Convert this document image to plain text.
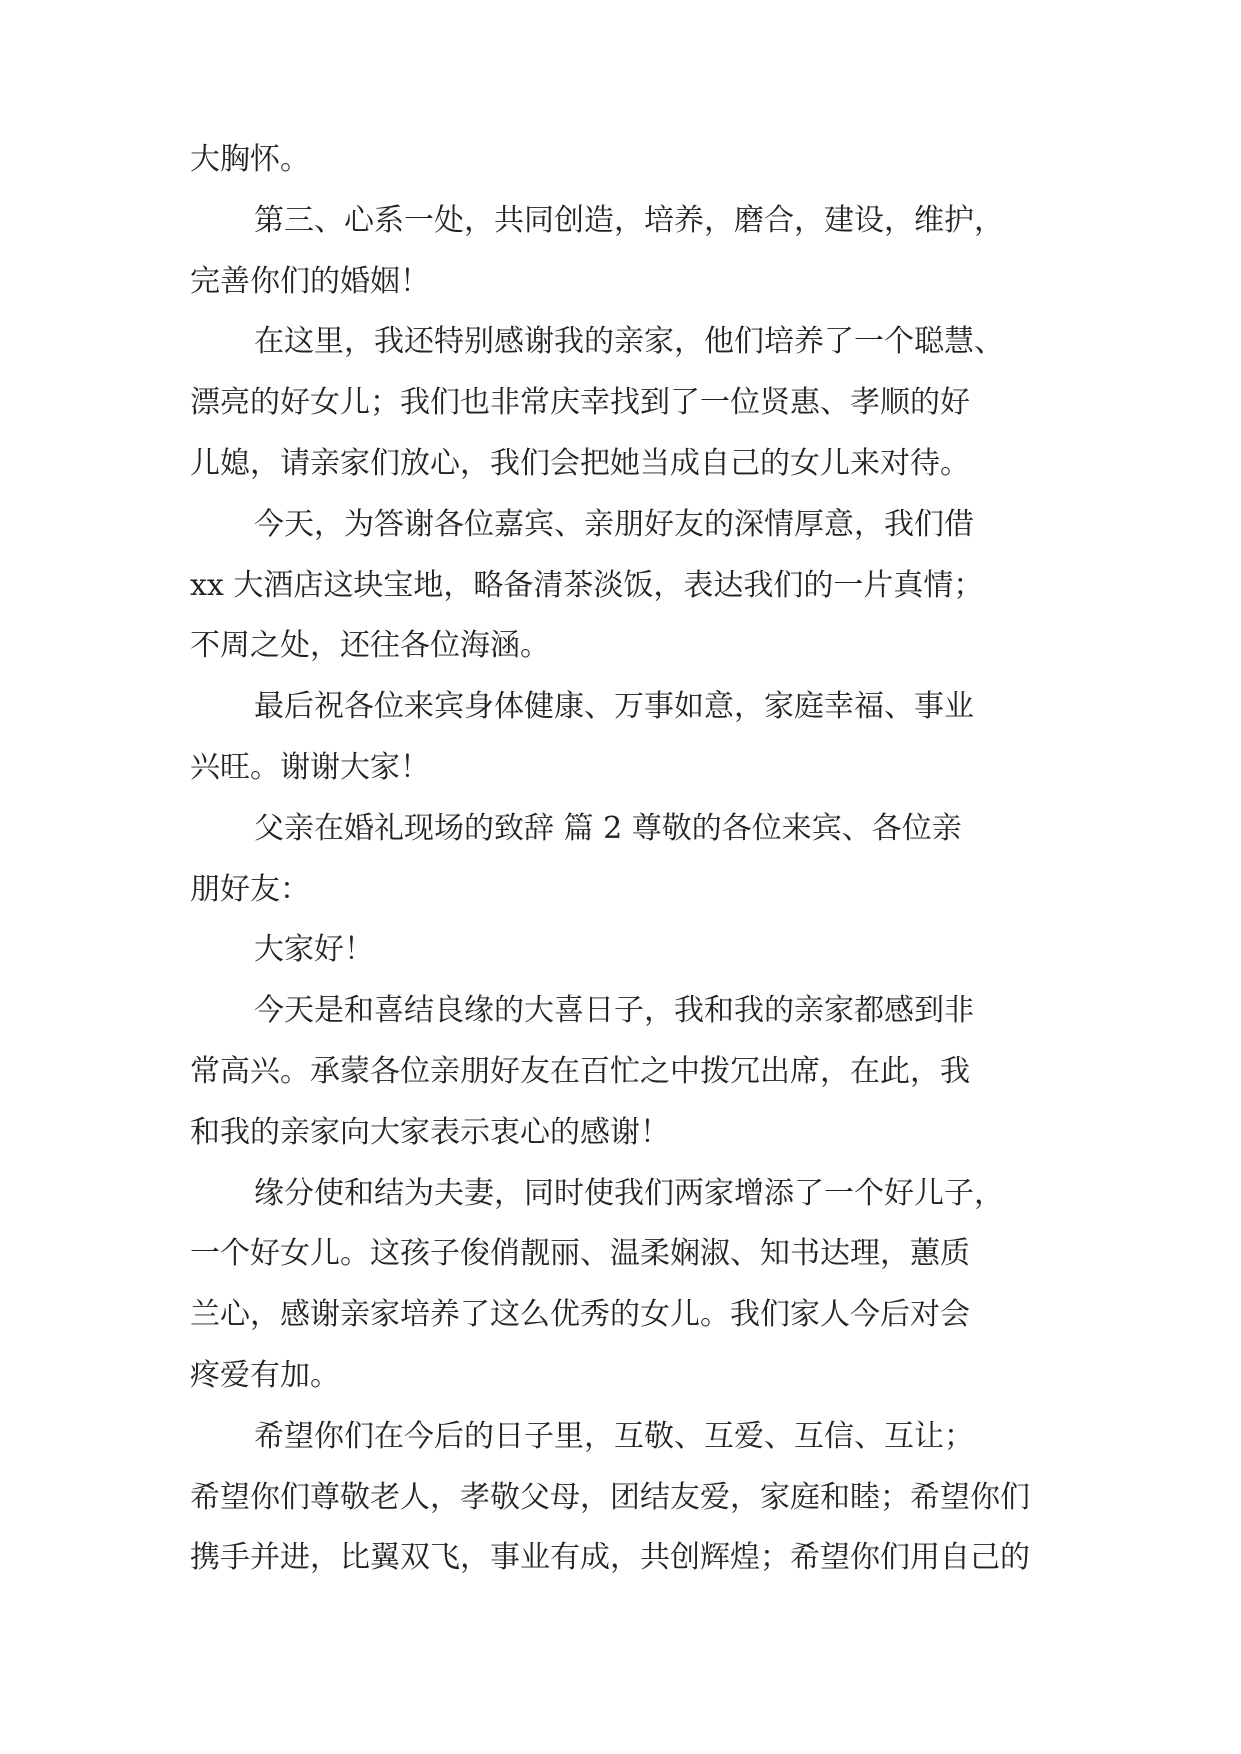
大胸怀。
第三、心系一处，共同创造，培养，磨合，建设，维护，
完善你们的婚姻！
在这里，我还特别感谢我的亲家，他们培养了一个聪慧、
漂亮的好女儿；我们也非常庆幸找到了一位贤惠、孝顺的好
儿媳，请亲家们放心，我们会把她当成自己的女儿来对待。
今天，为答谢各位嘉宾、亲朋好友的深情厚意，我们借
xx 大酒店这块宝地，略备清茶淡饭，表达我们的一片真情；
不周之处，还往各位海涵。
最后祝各位来宾身体健康、万事如意，家庭幸福、事业
兴旺。谢谢大家！
父亲在婚礼现场的致辞 篇 2 尊敬的各位来宾、各位亲
朋好友：
大家好！
今天是和喜结良缘的大喜日子，我和我的亲家都感到非
常高兴。承蒙各位亲朋好友在百忙之中拨冗出席，在此，我
和我的亲家向大家表示衷心的感谢！
缘分使和结为夫妻，同时使我们两家增添了一个好儿子，
一个好女儿。这孩子俊俏靓丽、温柔娴淑、知书达理，蕙质
兰心，感谢亲家培养了这么优秀的女儿。我们家人今后对会
疼爱有加。
希望你们在今后的日子里，互敬、互爱、互信、互让；
希望你们尊敬老人，孝敬父母，团结友爱，家庭和睦；希望你们
携手并进，比翼双飞，事业有成，共创辉煌；希望你们用自己的
